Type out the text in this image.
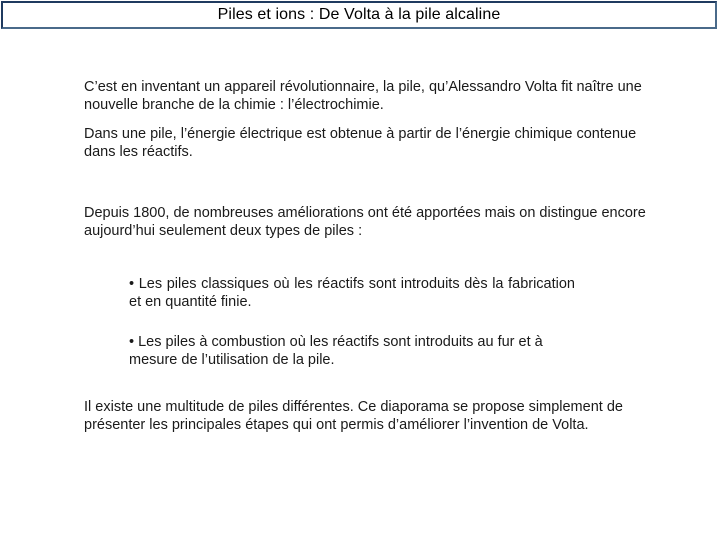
Piles et ions : De Volta à la pile alcaline

C’est en inventant un appareil révolutionnaire, la pile, qu’Alessandro Volta fit naître une nouvelle branche de la chimie : l’électrochimie.

Dans une pile, l’énergie électrique est obtenue à partir de l’énergie chimique contenue dans les réactifs.

Depuis 1800, de nombreuses améliorations ont été apportées mais on distingue encore aujourd’hui seulement deux types de piles :

• Les piles classiques où les réactifs sont introduits dès la fabrication et en quantité finie.

• Les piles à combustion où les réactifs sont introduits au fur et à mesure de l’utilisation de la pile.

Il existe une multitude de piles différentes. Ce diaporama se propose simplement de présenter les principales étapes qui ont permis d’améliorer l’invention de Volta.
